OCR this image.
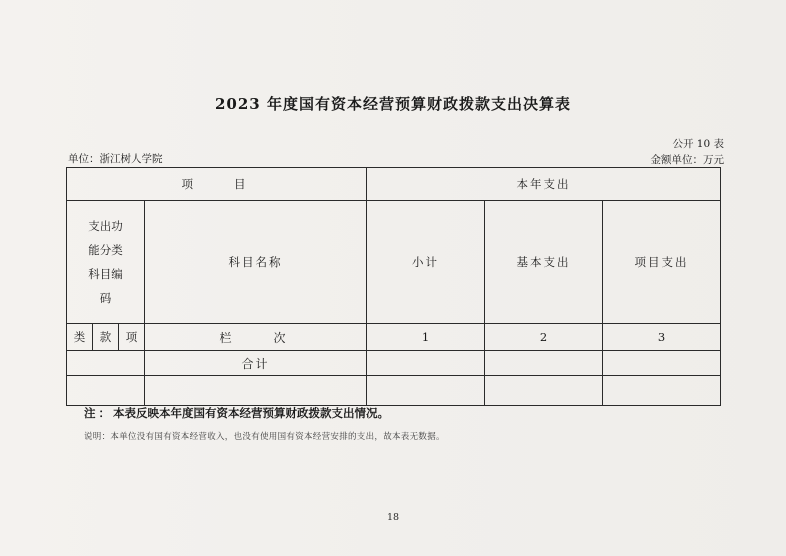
2023 年度国有资本经营预算财政拨款支出决算表
公开 10 表
金额单位：万元
单位：浙江树人学院
项　　目				本年支出		

支出功
能分类
科目编
码			科目名称	小计	基本支出	项目支出
类	款	项	栏　　次	1	2	3
			合计			

注：本表反映本年度国有资本经营预算财政拨款支出情况。
说明：本单位没有国有资本经营收入，也没有使用国有资本经营安排的支出，故本表无数据。
18
